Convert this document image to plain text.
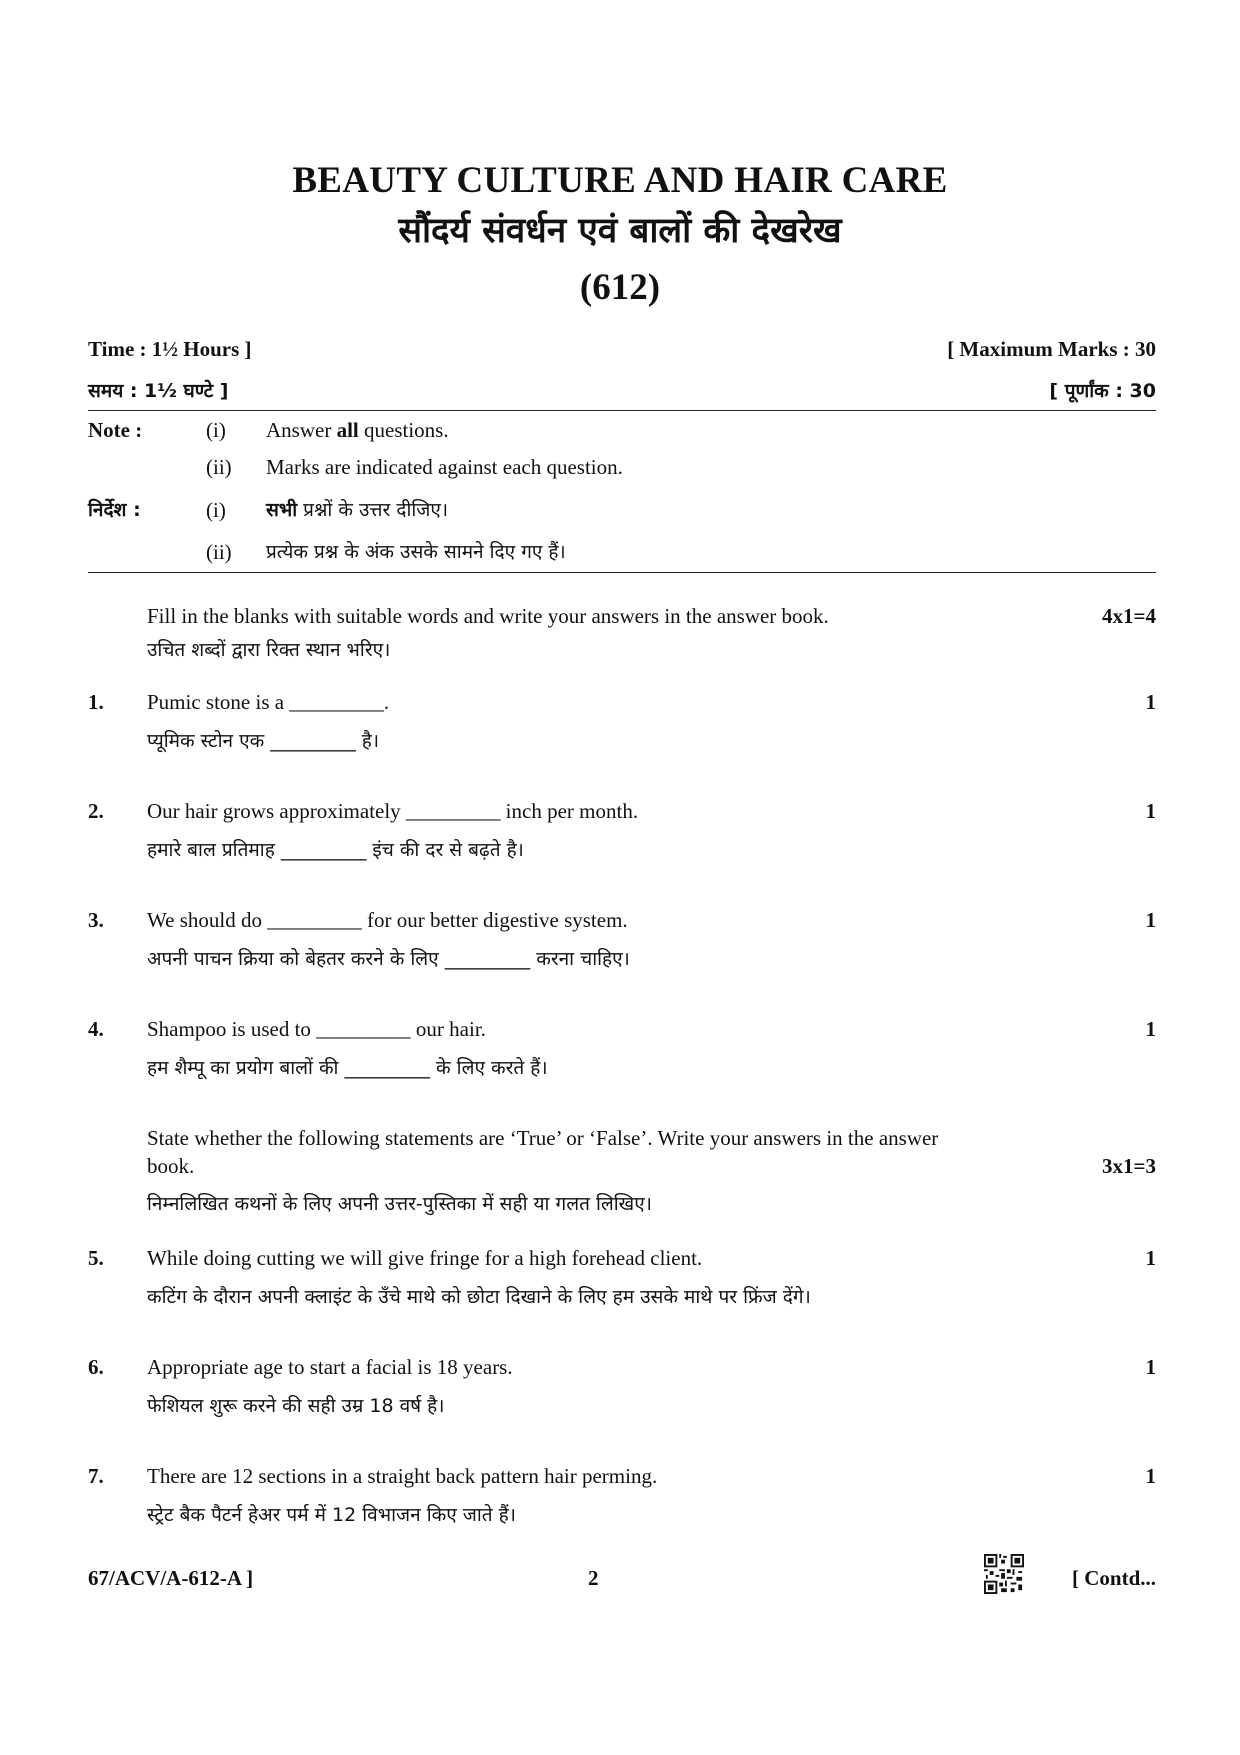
BEAUTY CULTURE AND HAIR CARE
सौंदर्य संवर्धन एवं बालों की देखरेख
(612)
Time : 1½ Hours ]	[ Maximum Marks : 30
समय : 1½ घण्टे ]	[ पूर्णांक : 30
Note :	(i) Answer all questions.
(ii) Marks are indicated against each question.
निर्देश :	(i) सभी प्रश्नों के उत्तर दीजिए।
(ii) प्रत्येक प्रश्न के अंक उसके सामने दिए गए हैं।
Fill in the blanks with suitable words and write your answers in the answer book.	4x1=4
उचित शब्दों द्वारा रिक्त स्थान भरिए।
1. Pumic stone is a _________.	1
प्यूमिक स्टोन एक _________ है।
2. Our hair grows approximately _________ inch per month.	1
हमारे बाल प्रतिमाह _________ इंच की दर से बढ़ते है।
3. We should do _________ for our better digestive system.	1
अपनी पाचन क्रिया को बेहतर करने के लिए _________ करना चाहिए।
4. Shampoo is used to _________ our hair.	1
हम शैम्पू का प्रयोग बालों की _________ के लिए करते हैं।
State whether the following statements are ‘True’ or ‘False’. Write your answers in the answer
book.	3x1=3
निम्नलिखित कथनों के लिए अपनी उत्तर-पुस्तिका में सही या गलत लिखिए।
5. While doing cutting we will give fringe for a high forehead client.	1
कटिंग के दौरान अपनी क्लाइंट के उँचे माथे को छोटा दिखाने के लिए हम उसके माथे पर फ्रिंज देंगे।
6. Appropriate age to start a facial is 18 years.	1
फेशियल शुरू करने की सही उम्र 18 वर्ष है।
7. There are 12 sections in a straight back pattern hair perming.	1
स्ट्रेट बैक पैटर्न हेअर पर्म में 12 विभाजन किए जाते हैं।
67/ACV/A-612-A ]	2	[ Contd...
